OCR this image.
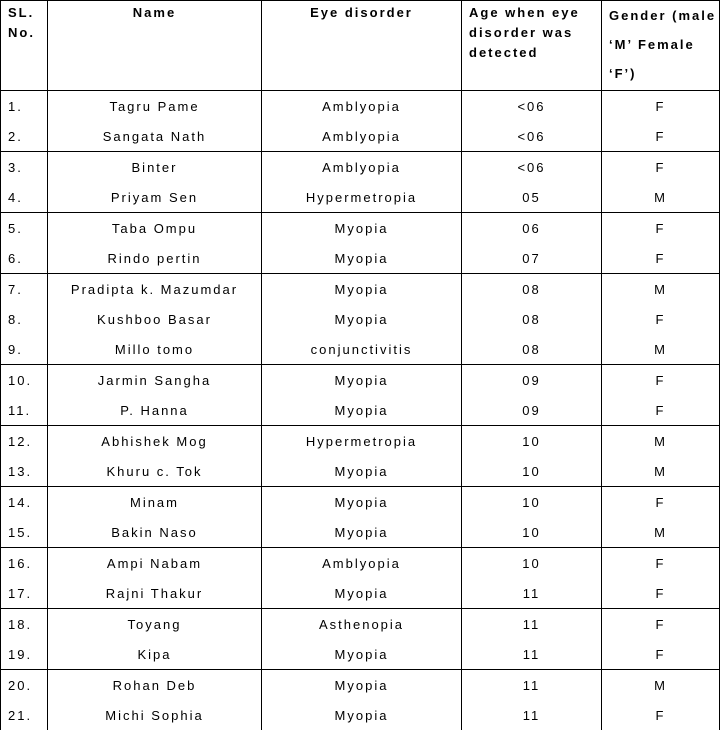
SL. No.	Name	Eye disorder	Age when eye disorder was detected	Gender (male ‘M’ Female ‘F’)

1.	Tagru Pame	Amblyopia	<06	F
2.	Sangata Nath	Amblyopia	<06	F
3.	Binter	Amblyopia	<06	F
4.	Priyam Sen	Hypermetropia	05	M
5.	Taba Ompu	Myopia	06	F
6.	Rindo pertin	Myopia	07	F
7.	Pradipta k. Mazumdar	Myopia	08	M
8.	Kushboo Basar	Myopia	08	F
9.	Millo tomo	conjunctivitis	08	M
10.	Jarmin Sangha	Myopia	09	F
11.	P. Hanna	Myopia	09	F
12.	Abhishek Mog	Hypermetropia	10	M
13.	Khuru c. Tok	Myopia	10	M
14.	Minam	Myopia	10	F
15.	Bakin Naso	Myopia	10	M
16.	Ampi Nabam	Amblyopia	10	F
17.	Rajni Thakur	Myopia	11	F
18.	Toyang	Asthenopia	11	F
19.	Kipa	Myopia	11	F
20.	Rohan Deb	Myopia	11	M
21.	Michi Sophia	Myopia	11	F
